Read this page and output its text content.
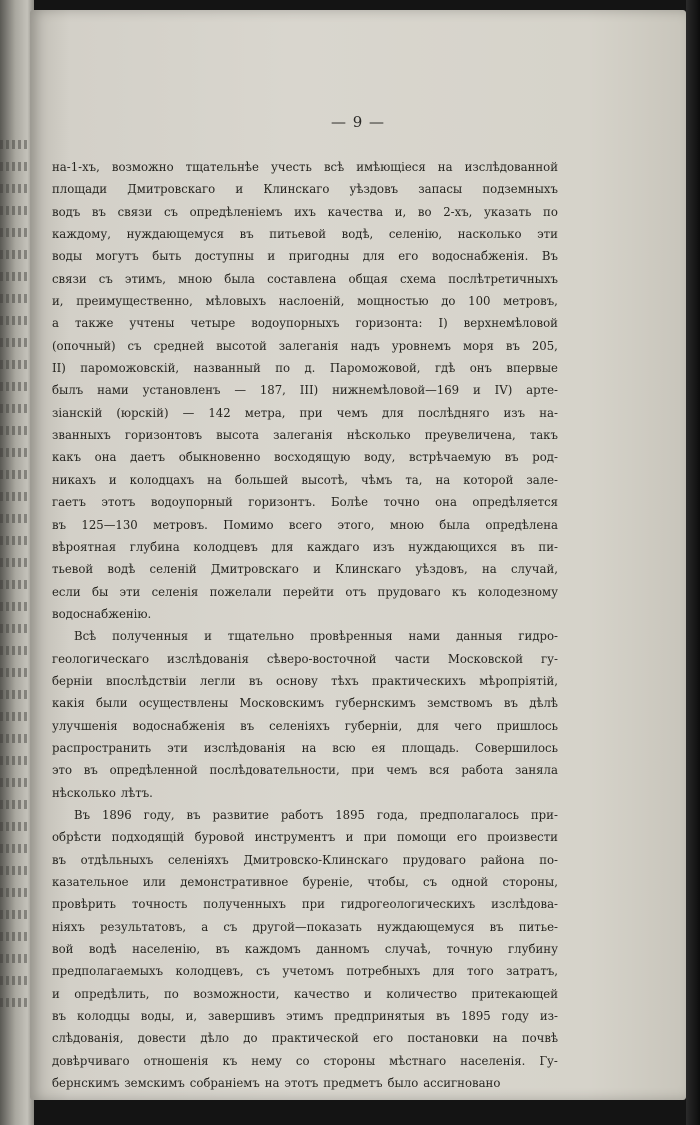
— 9 —
на-1-хъ, возможно тщательнѣе учесть всѣ имѣющiеся на изслѣдованной
площади Дмитровскаго и Клинскаго уѣздовъ запасы подземныхъ
водъ въ связи съ опредѣленiемъ ихъ качества и, во 2-хъ, указать по
каждому, нуждающемуся въ питьевой водѣ, селенiю, насколько эти
воды могутъ быть доступны и пригодны для его водоснабженiя. Въ
связи съ этимъ, мною была составлена общая схема послѣтретичныхъ
и, преимущественно, мѣловыхъ наслоенiй, мощностью до 100 метровъ,
а также учтены четыре водоупорныхъ горизонта: I) верхнемѣловой
(опочный) съ средней высотой залеганiя надъ уровнемъ моря въ 205,
II) пароможовскiй, названный по д. Пароможовой, гдѣ онъ впервые
былъ нами установленъ — 187, III) нижнемѣловой—169 и IV) арте-
зiанскiй (юрскiй) — 142 метра, при чемъ для послѣдняго изъ на-
званныхъ горизонтовъ высота залеганiя нѣсколько преувеличена, такъ
какъ она даетъ обыкновенно восходящую воду, встрѣчаемую въ род-
никахъ и колодцахъ на большей высотѣ, чѣмъ та, на которой зале-
гаетъ этотъ водоупорный горизонтъ. Болѣе точно она опредѣляется
въ 125—130 метровъ. Помимо всего этого, мною была опредѣлена
вѣроятная глубина колодцевъ для каждаго изъ нуждающихся въ пи-
тьевой водѣ селенiй Дмитровскаго и Клинскаго уѣздовъ, на случай,
если бы эти селенiя пожелали перейти отъ прудоваго къ колодезному
водоснабженiю.
Всѣ полученныя и тщательно провѣренныя нами данныя гидро-
геологическаго изслѣдованiя сѣверо-восточной части Московской гу-
бернiи впослѣдствiи легли въ основу тѣхъ практическихъ мѣропрiятiй,
какiя были осуществлены Московскимъ губернскимъ земствомъ въ дѣлѣ
улучшенiя водоснабженiя въ селенiяхъ губернiи, для чего пришлось
распространить эти изслѣдованiя на всю ея площадь. Совершилось
это въ опредѣленной послѣдовательности, при чемъ вся работа заняла
нѣсколько лѣтъ.
Въ 1896 году, въ развитие работъ 1895 года, предполагалось при-
обрѣсти подходящiй буровой инструментъ и при помощи его произвести
въ отдѣльныхъ селенiяхъ Дмитровско-Клинскаго прудоваго района по-
казательное или демонстративное буренiе, чтобы, съ одной стороны,
провѣрить точность полученныхъ при гидрогеологическихъ изслѣдова-
нiяхъ результатовъ, а съ другой—показать нуждающемуся въ питье-
вой водѣ населенiю, въ каждомъ данномъ случаѣ, точную глубину
предполагаемыхъ колодцевъ, съ учетомъ потребныхъ для того затратъ,
и опредѣлить, по возможности, качество и количество притекающей
въ колодцы воды, и, завершивъ этимъ предпринятыя въ 1895 году из-
слѣдованiя, довести дѣло до практической его постановки на почвѣ
довѣрчиваго отношенiя къ нему со стороны мѣстнаго населенiя. Гу-
бернскимъ земскимъ собранiемъ на этотъ предметъ было ассигновано
